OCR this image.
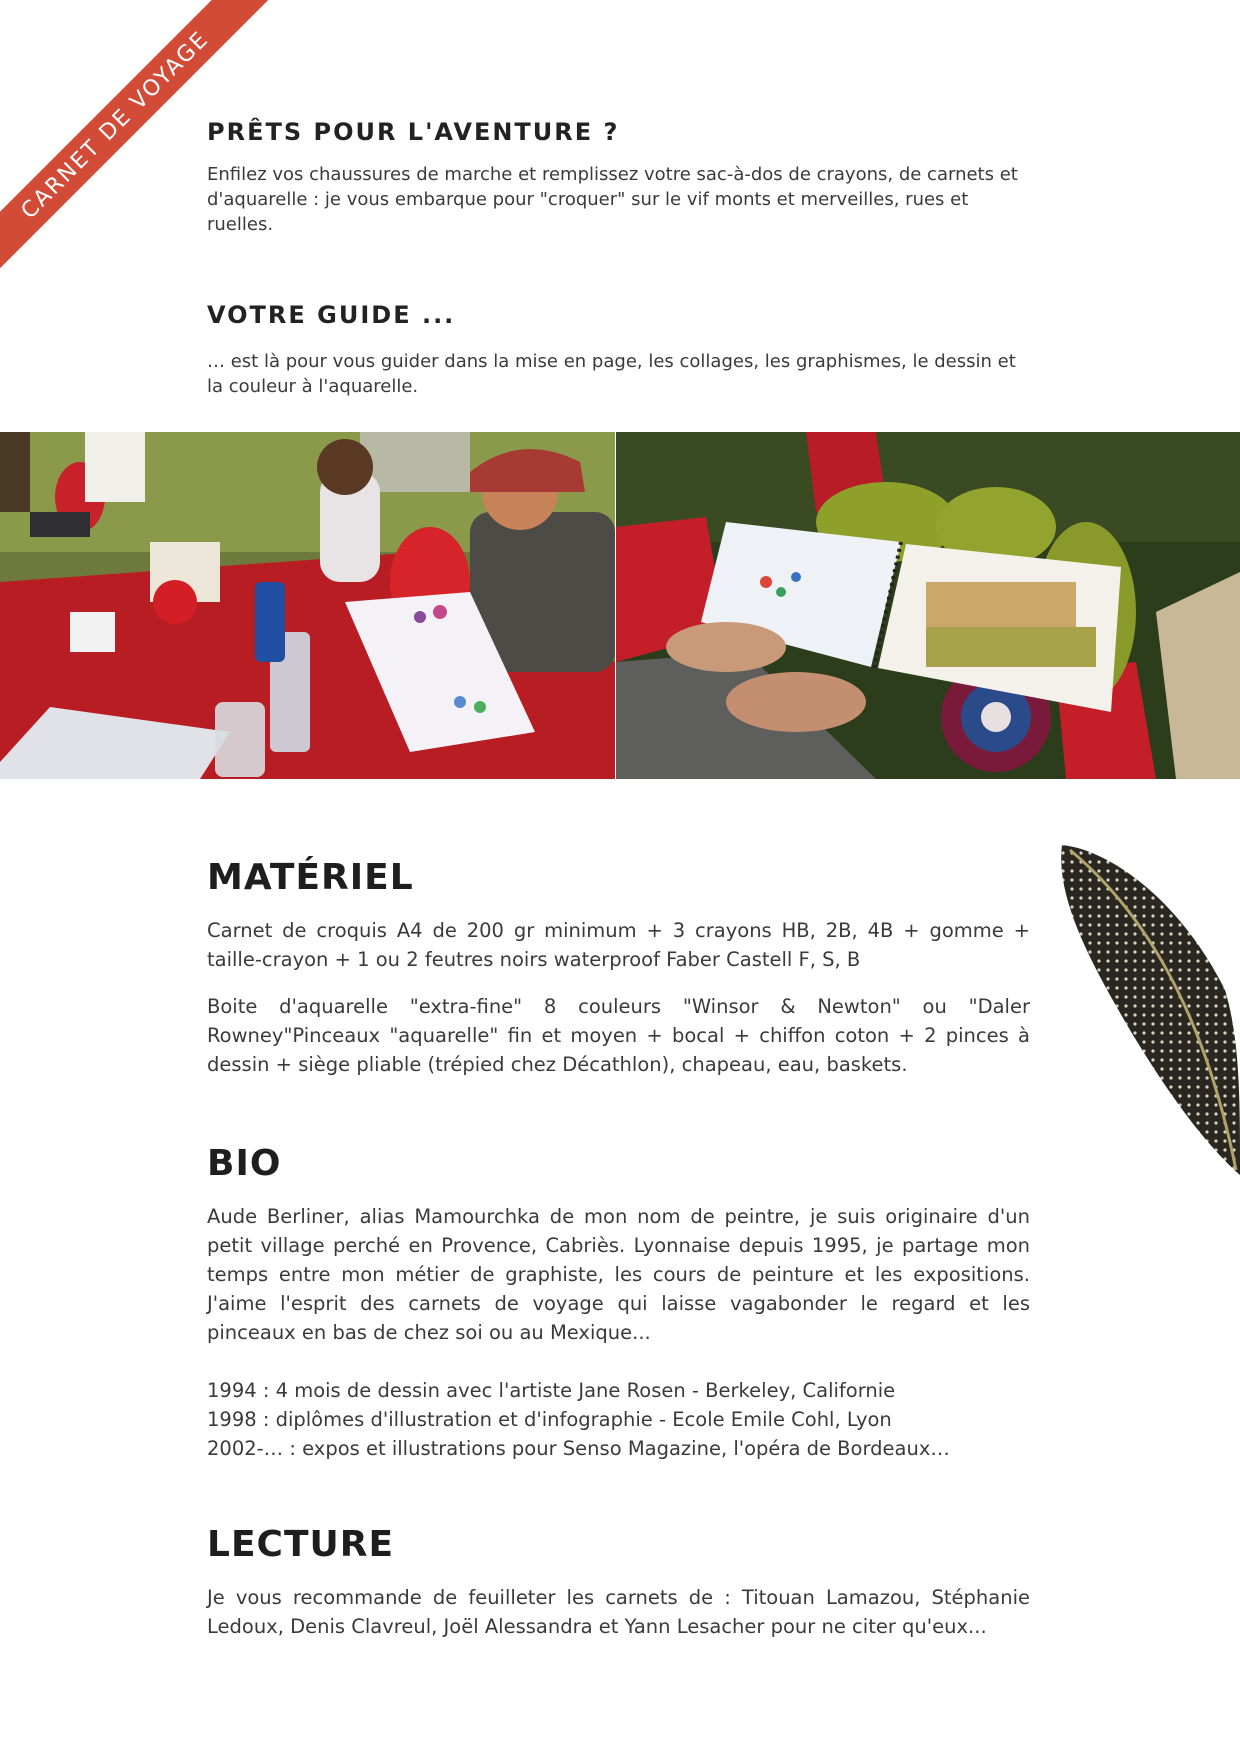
CARNET DE VOYAGE
PRÊTS POUR L'AVENTURE ?

Enfilez vos chaussures de marche et remplissez votre sac-à-dos de crayons, de carnets et d'aquarelle : je vous embarque pour "croquer" sur le vif monts et merveilles, rues et ruelles.

VOTRE GUIDE ...

… est là pour vous guider dans la mise en page, les collages, les graphismes, le dessin et la couleur à l'aquarelle.

MATÉRIEL

Carnet de croquis A4 de 200 gr minimum + 3 crayons HB, 2B, 4B + gomme + taille-crayon + 1 ou 2 feutres noirs waterproof Faber Castell F, S, B

Boite d'aquarelle "extra-fine" 8 couleurs "Winsor & Newton" ou "Daler Rowney"Pinceaux "aquarelle" fin et moyen + bocal + chiffon coton + 2 pinces à dessin + siège pliable (trépied chez Décathlon), chapeau, eau, baskets.

BIO

Aude Berliner, alias Mamourchka de mon nom de peintre, je suis originaire d'un petit village perché en Provence, Cabriès. Lyonnaise depuis 1995, je partage mon temps entre mon métier de graphiste, les cours de peinture et les expositions. J'aime l'esprit des carnets de voyage qui laisse vagabonder le regard et les pinceaux en bas de chez soi ou au Mexique...

1994 : 4 mois de dessin avec l'artiste Jane Rosen - Berkeley, Californie

1998 : diplômes d'illustration et d'infographie - Ecole Emile Cohl, Lyon

2002-… : expos et illustrations pour Senso Magazine, l'opéra de Bordeaux…

LECTURE

Je vous recommande de feuilleter les carnets de : Titouan Lamazou, Stéphanie Ledoux, Denis Clavreul, Joël Alessandra et Yann Lesacher pour ne citer qu'eux...
